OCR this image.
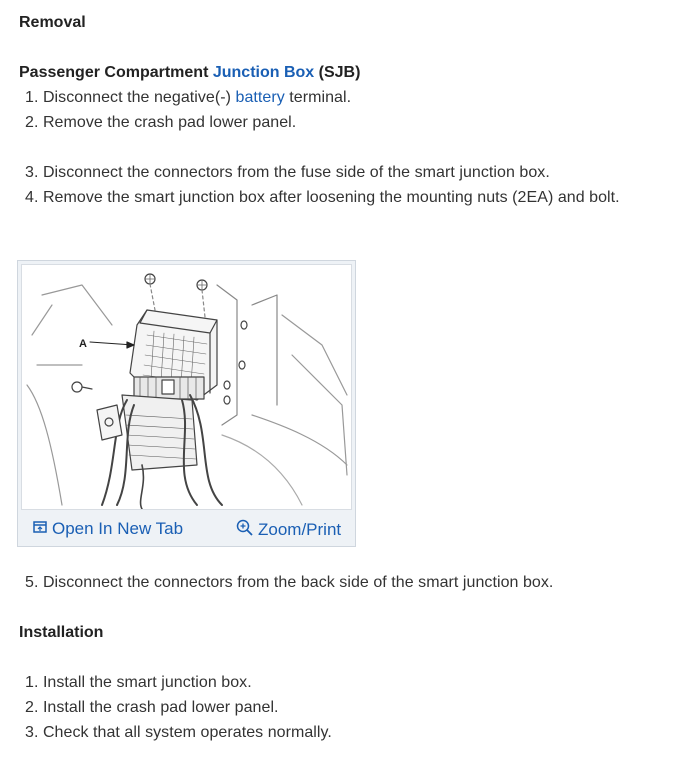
Removal
Passenger Compartment Junction Box (SJB)
1. Disconnect the negative(-) battery terminal.
2. Remove the crash pad lower panel.
3. Disconnect the connectors from the fuse side of the smart junction box.
4. Remove the smart junction box after loosening the mounting nuts (2EA) and bolt.
A
Open In New Tab	Zoom/Print
5. Disconnect the connectors from the back side of the smart junction box.
Installation
1. Install the smart junction box.
2. Install the crash pad lower panel.
3. Check that all system operates normally.
